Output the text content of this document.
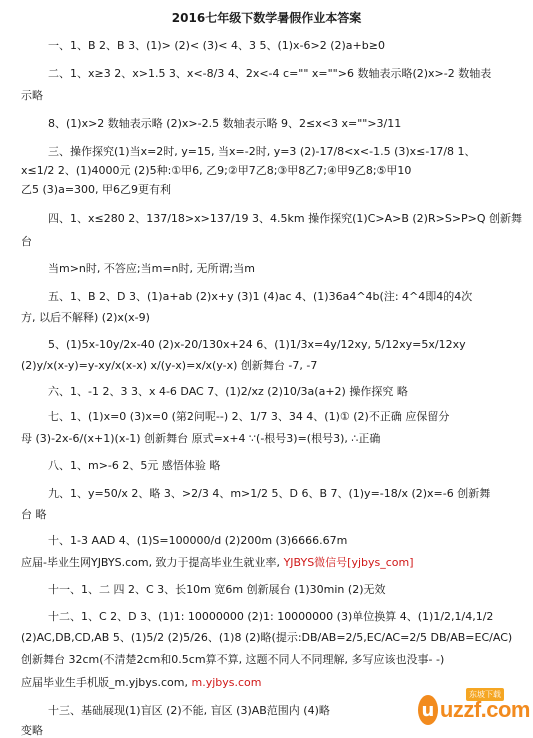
2016七年级下数学暑假作业本答案
一、1、B 2、B 3、(1)> (2)< (3)< 4、3 5、(1)x-6>2 (2)a+b≥0
二、1、x≥3 2、x>1.5 3、x<-8/3 4、2x<-4 c="" x="">6 数轴表示略(2)x>-2 数轴表
示略
8、(1)x>2 数轴表示略 (2)x>-2.5 数轴表示略 9、2≤x<3 x="">3/11
三、操作探究(1)当x=2时, y=15, 当x=-2时, y=3 (2)-17/8<x<-1.5 (3)x≤-17/8 1、
x≤1/2 2、(1)4000元 (2)5种:①甲6, 乙9;②甲7乙8;③甲8乙7;④甲9乙8;⑤甲10
乙5 (3)a=300, 甲6乙9更有利
四、1、x≤280 2、137/18>x>137/19 3、4.5km 操作探究(1)C>A>B (2)R>S>P>Q 创新舞
台
当m>n时, 不答应;当m=n时, 无所谓;当m
五、1、B 2、D 3、(1)a+ab (2)x+y (3)1 (4)ac 4、(1)36a4^4b(注: 4^4即4的4次
方, 以后不解释) (2)x(x-9)
5、(1)5x-10y/2x-40 (2)x-20/130x+24 6、(1)1/3x=4y/12xy, 5/12xy=5x/12xy
(2)y/x(x-y)=y-xy/x(x-x) x/(y-x)=x/x(y-x) 创新舞台 -7, -7
六、1、-1 2、3 3、x 4-6 DAC 7、(1)2/xz (2)10/3a(a+2) 操作探究 略
七、1、(1)x=0 (3)x=0 (第2问呢--) 2、1/7 3、34 4、(1)① (2)不正确 应保留分
母 (3)-2x-6/(x+1)(x-1) 创新舞台 原式=x+4 ∵(-根号3)=(根号3), ∴正确
八、1、m>-6 2、5元 感悟体验 略
九、1、y=50/x 2、略 3、>2/3 4、m>1/2 5、D 6、B 7、(1)y=-18/x (2)x=-6 创新舞
台 略
十、1-3 AAD 4、(1)S=100000/d (2)200m (3)6666.67m
应届-毕业生网YJBYS.com, 致力于提高毕业生就业率, YJBYS微信号[yjbys_com]
十一、1、二 四 2、C 3、长10m 宽6m 创新展台 (1)30min (2)无效
十二、1、C 2、D 3、(1)1: 10000000 (2)1: 10000000 (3)单位换算 4、(1)1/2,1/4,1/2
(2)AC,DB,CD,AB 5、(1)5/2 (2)5/26、(1)8 (2)略(提示:DB/AB=2/5,EC/AC=2/5 DB/AB=EC/AC)
创新舞台 32cm(不清楚2cm和0.5cm算不算, 这题不同人不同理解, 多写应该也没事- -)
应届毕业生手机版_m.yjbys.com, m.yjbys.com
十三、基础展现(1)盲区 (2)不能, 盲区 (3)AB范围内 (4)略
变略
东坡下载
u uzzf.com
